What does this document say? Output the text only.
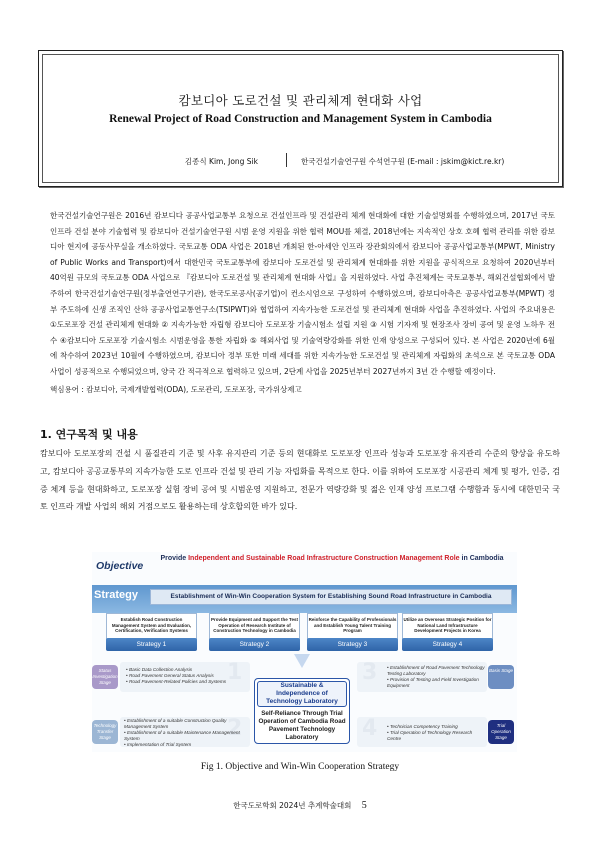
캄보디아 도로건설 및 관리체계 현대화 사업
Renewal Project of Road Construction and Management System in Cambodia
김종식 Kim, Jong Sik	한국건설기술연구원 수석연구원 (E-mail : jskim@kict.re.kr)

한국건설기술연구원은 2016년 캄보디다 공공사업교통부 요청으로 건설인프라 및 건설관리 체계 현대화에 대한 기술설명회를 수행하였으며, 2017년 국토 인프라 건설 분야 기술협력 및 캄보디아 건설기술연구원 시범 운영 지원을 위한 협력 MOU를 체결, 2018년에는 지속적인 상호 호혜 협력 관리를 위한 캄보디아 현지에 공동사무실을 개소하였다. 국토교통 ODA 사업은 2018년 개최된 한-아세안 인프라 장관회의에서 캄보디아 공공사업교통부(MPWT, Ministry of Public Works and Transport)에서 대한민국 국토교통부에 캄보디아 도로건설 및 관리체계 현대화를 위한 지원을 공식적으로 요청하여 2020년부터 40억원 규모의 국토교통 ODA 사업으로 『캄보디아 도로건설 및 관리체계 현대화 사업』을 지원하였다. 사업 추진체계는 국토교통부, 해외건설협회에서 발주하여 한국건설기술연구원(정부출연연구기관), 한국도로공사(공기업)이 컨소시엄으로 구성하여 수행하였으며, 캄보디아측은 공공사업교통부(MPWT) 정부 주도하에 신생 조직인 산하 공공사업교통연구소(TSIPWT)와 협업하여 지속가능한 도로건설 및 관리체계 현대화 사업을 추진하였다. 사업의 주요내용은 ①도로포장 건설 관리체계 현대화 ② 지속가능한 자립형 캄보디아 도로포장 기술시험소 설립 지원 ③ 시험 기자재 및 현장조사 장비 공여 및 운영 노하우 전수 ④캄보디아 도로포장 기술시험소 시범운영을 통한 자립화 ⑤ 해외사업 및 기술역량강화를 위한 인재 양성으로 구성되어 있다. 본 사업은 2020년에 6월에 착수하여 2023년 10월에 수행하였으며, 캄보디아 정부 또한 미래 세대를 위한 지속가능한 도로건설 및 관리체계 자립화의 초석으로 본 국토교통 ODA 사업이 성공적으로 수행되었으며, 양국 간 적극적으로 협력하고 있으며, 2단계 사업을 2025년부터 2027년까지 3년 간 수행할 예정이다.

핵심용어 : 캄보디아, 국제개발협력(ODA), 도로관리, 도로포장, 국가위상제고

1. 연구목적 및 내용

캄보디아 도로포장의 건설 시 품질관리 기준 및 사후 유지관리 기준 등의 현대화로 도로포장 인프라 성능과 도로포장 유지관리 수준의 향상을 유도하고, 캄보디아 공공교통부의 지속가능한 도로 인프라 건설 및 관리 기능 자립화를 목적으로 한다. 이를 위하여 도로포장 시공관리 체계 및 평가, 인증, 검증 체계 등을 현대화하고, 도로포장 실험 장비 공여 및 시범운영 지원하고, 전문가 역량강화 및 젊은 인재 양성 프로그램 수행함과 동시에 대한민국 국토 인프라 개발 사업의 해외 거점으로도 활용하는데 상호합의한 바가 있다.

Objective
Provide Independent and Sustainable Road Infrastructure Construction Management Role in Cambodia
Strategy	Establishment of Win-Win Cooperation System for Establishing Sound Road Infrastructure in Cambodia
Establish Road Construction Management System and Evaluation, Certification, Verification Systems
Provide Equipment and Support the Test Operation of Research Institute of Construction Technology in Cambodia
Reinforce the Capability of Professionals and Establish Young Talent Training Program
Utilize an Overseas Strategic Position for National Land Infrastructure Development Projects in Korea
Strategy 1	Strategy 2	Strategy 3	Strategy 4
Status Investigation Stage	1
• Basic Data Collection Analysis
• Road Pavement General Status Analysis
• Road Pavement-Related Policies and Systems
Technology Transfer Stage	2
• Establishment of a suitable Construction Quality Management System
• Establishment of a suitable Maintenance Management System
• Implementation of Trial System
Sustainable & Independence of Technology Laboratory
Self-Reliance Through Trial Operation of Cambodia Road Pavement Technology Laboratory
Basis Stage
3 • Establishment of Road Pavement Technology Testing Laboratory
• Provision of Testing and Field Investigation Equipment
Trial Operation Stage
4 • Technician Competency Training
• Trial Operation of Technology Research Centre
Fig 1. Objective and Win-Win Cooperation Strategy
한국도로학회 2024년 추계학술대회 5
